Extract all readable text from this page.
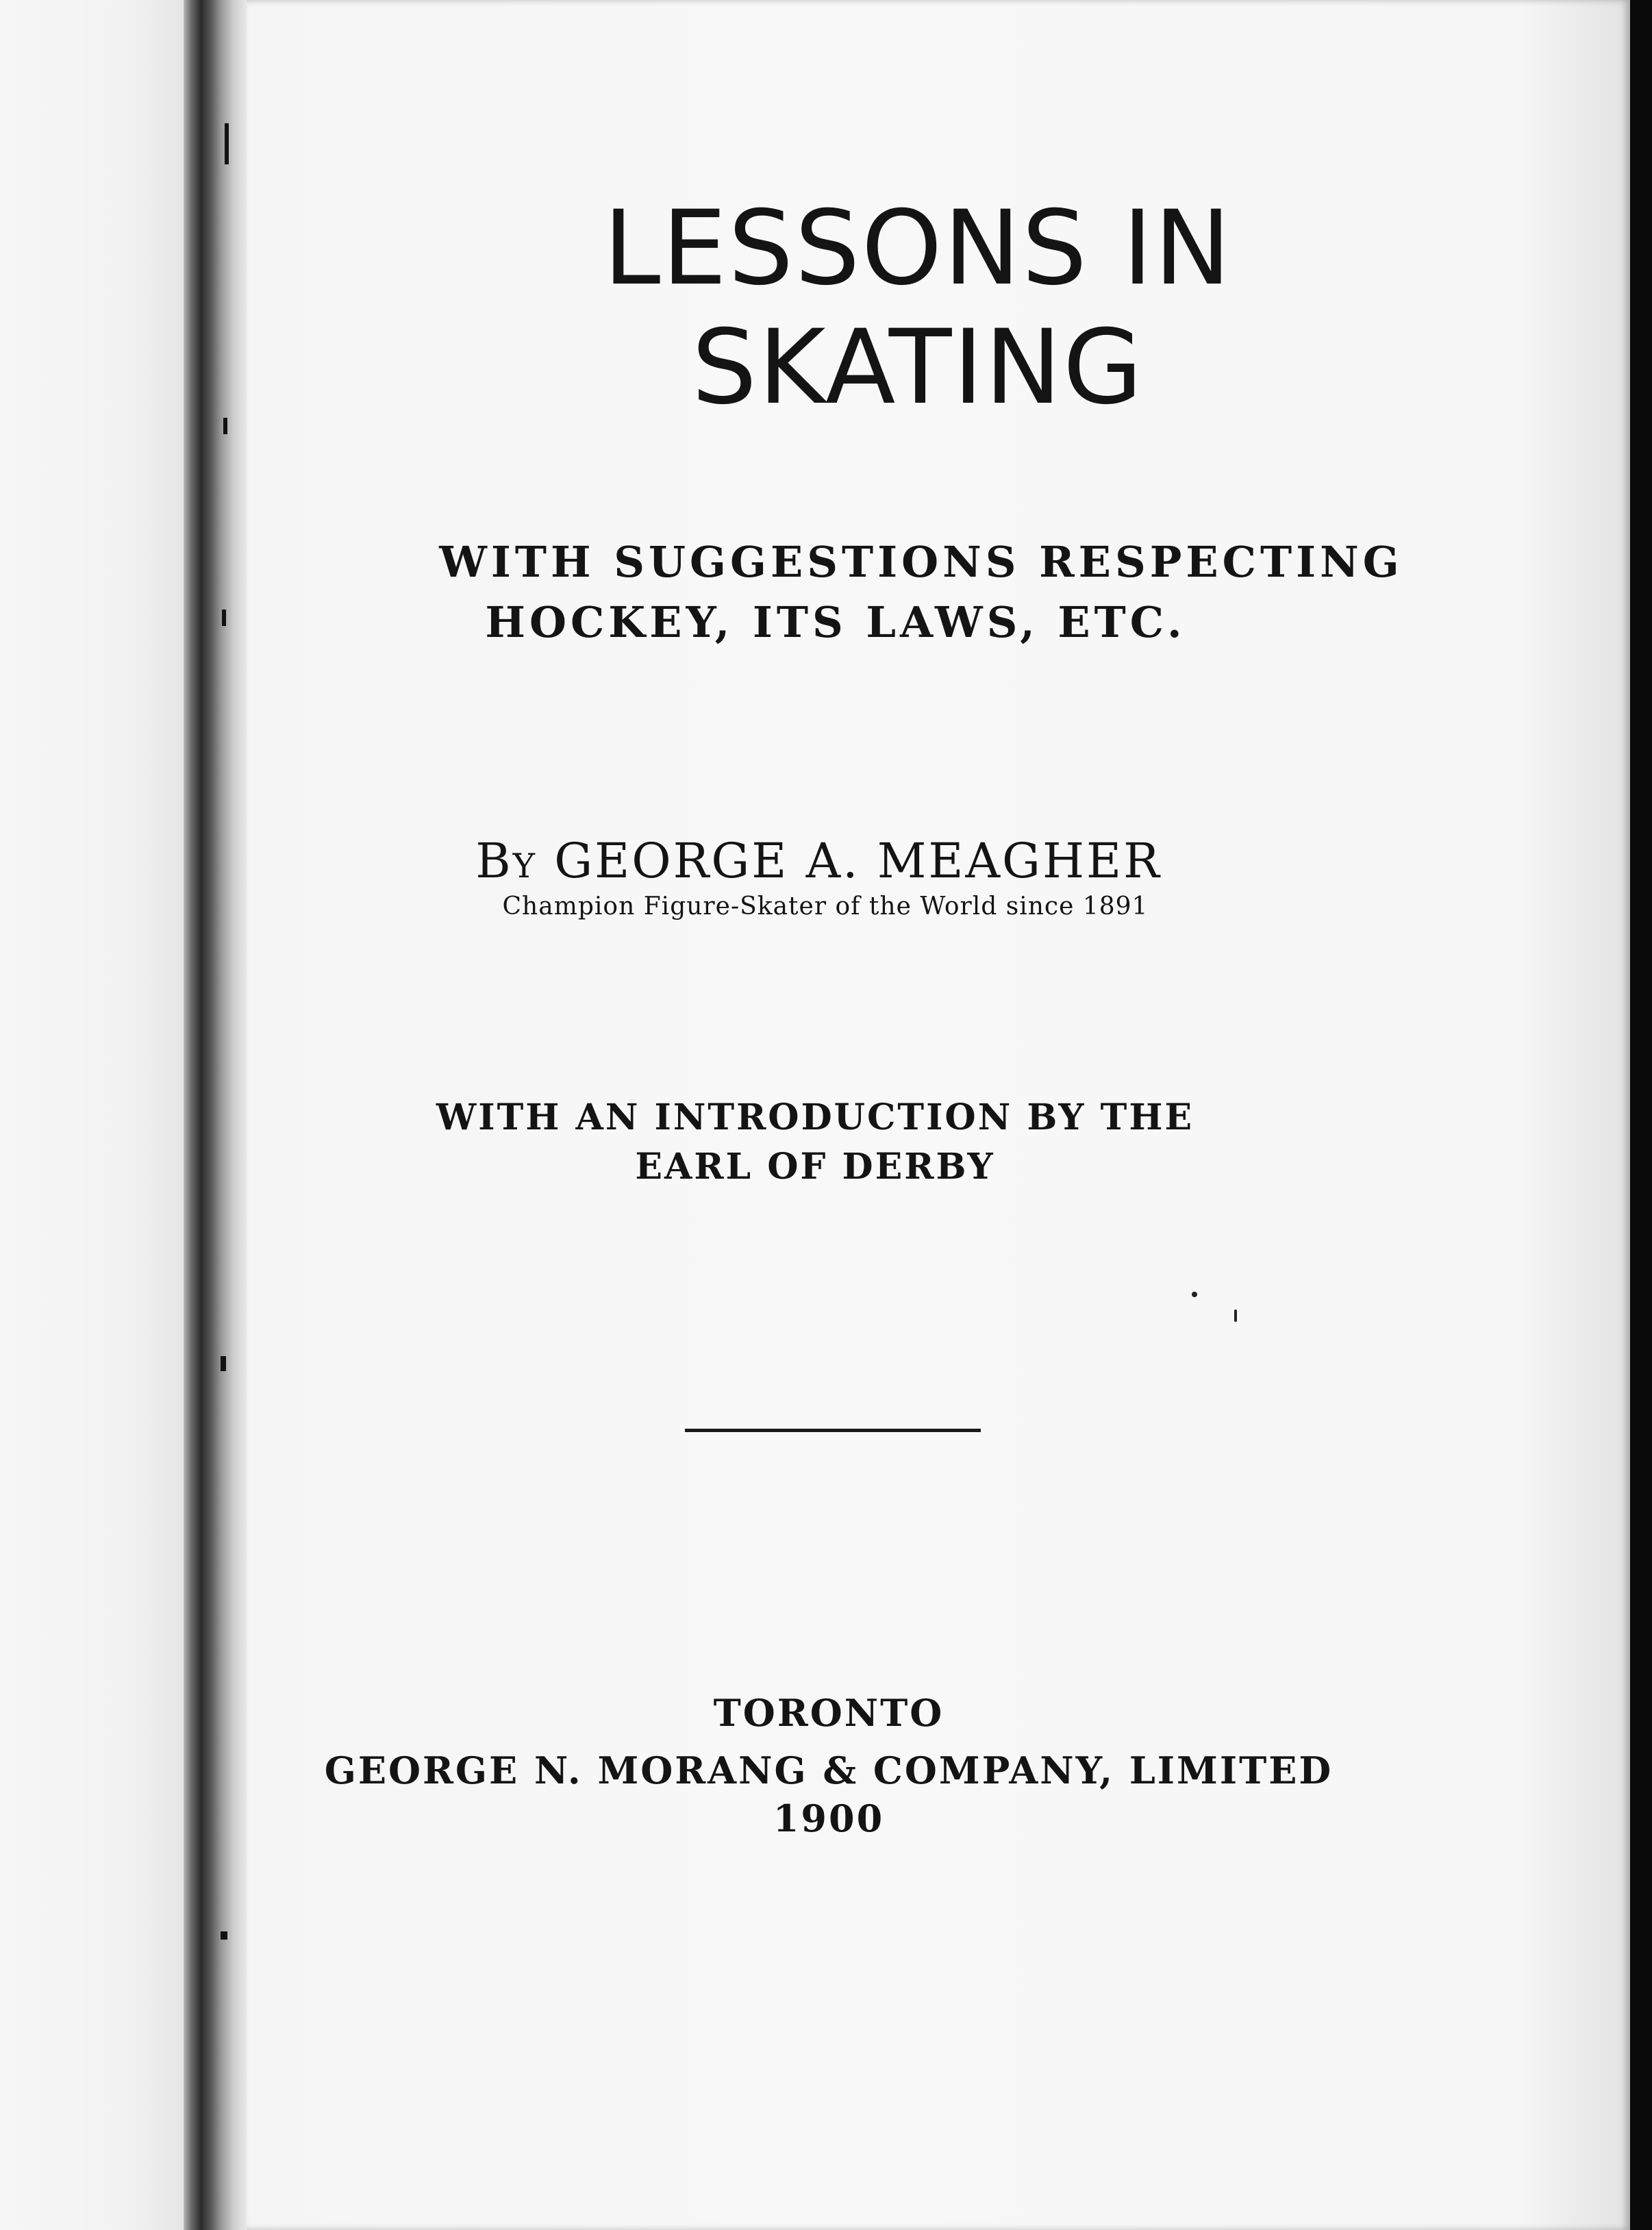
LESSONS IN
SKATING
WITH SUGGESTIONS RESPECTING
HOCKEY, ITS LAWS, ETC.
By GEORGE A. MEAGHER
Champion Figure-Skater of the World since 1891
WITH AN INTRODUCTION BY THE
EARL OF DERBY
TORONTO
GEORGE N. MORANG & COMPANY, LIMITED
1900
